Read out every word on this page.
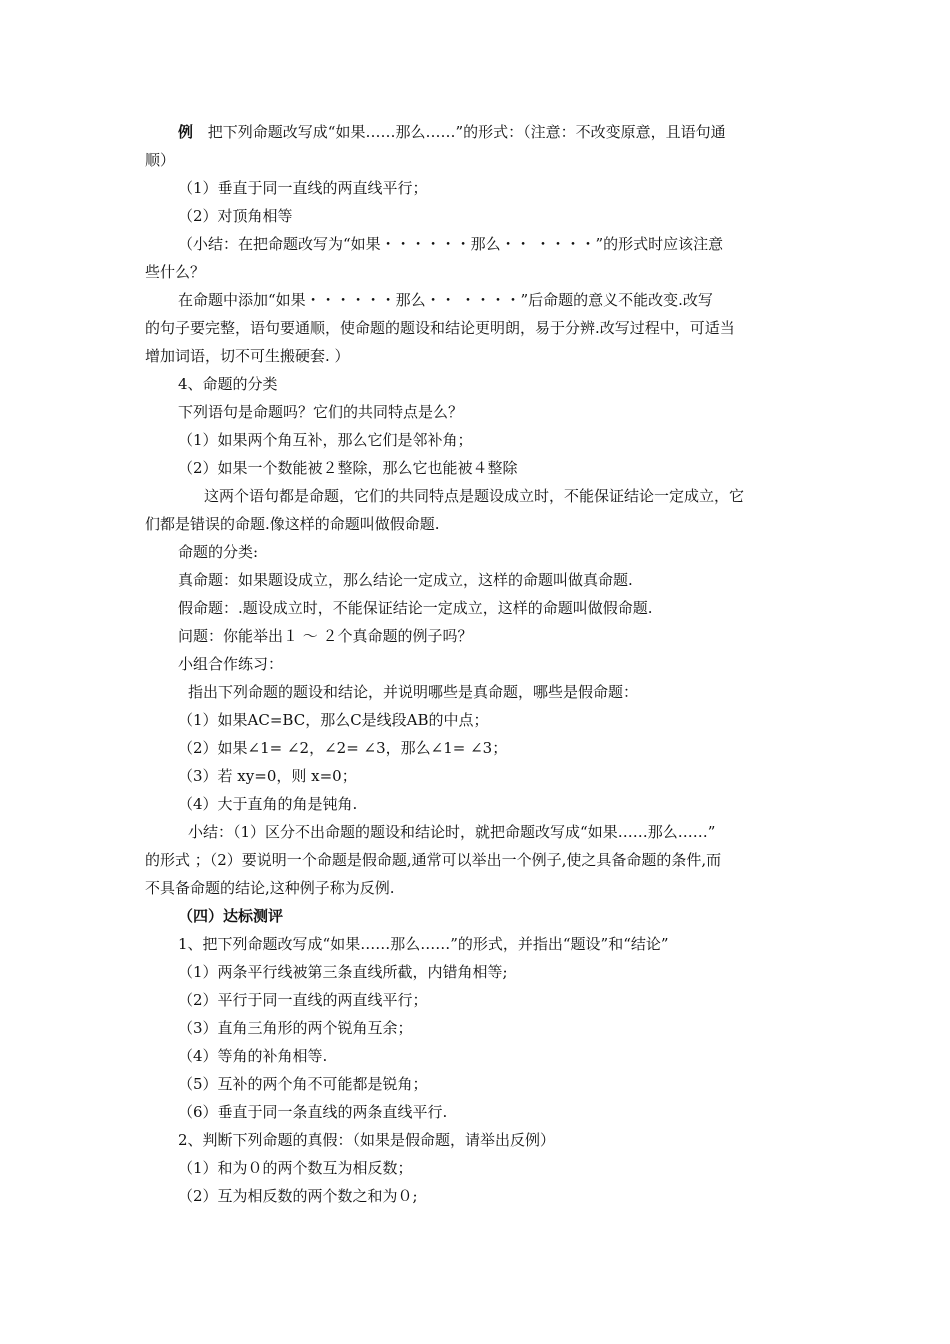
例 把下列命题改写成“如果……那么……”的形式：（注意：不改变原意，且语句通
顺）
（1）垂直于同一直线的两直线平行；
（2）对顶角相等
（小结：在把命题改写为“如果・・・・・・那么・・ ・・・・”的形式时应该注意
些什么？
在命题中添加“如果・・・・・・那么・・ ・・・・”后命题的意义不能改变.改写
的句子要完整，语句要通顺，使命题的题设和结论更明朗，易于分辨.改写过程中，可适当
增加词语，切不可生搬硬套. ）
4、命题的分类
下列语句是命题吗？它们的共同特点是么？
（1）如果两个角互补，那么它们是邻补角；
（2）如果一个数能被２整除，那么它也能被４整除
这两个语句都是命题，它们的共同特点是题设成立时，不能保证结论一定成立，它
们都是错误的命题.像这样的命题叫做假命题.
命题的分类:
真命题：如果题设成立，那么结论一定成立，这样的命题叫做真命题.
假命题：.题设成立时，不能保证结论一定成立，这样的命题叫做假命题.
问题：你能举出１ ～ ２个真命题的例子吗？
小组合作练习：
指出下列命题的题设和结论，并说明哪些是真命题，哪些是假命题：
（1）如果AC=BC，那么C是线段AB的中点；
（2）如果∠1= ∠2，∠2= ∠3，那么∠1= ∠3；
（3）若 xy=0，则 x=0；
（4）大于直角的角是钝角.
小结：（1）区分不出命题的题设和结论时，就把命题改写成“如果……那么……”
的形式 ；（2）要说明一个命题是假命题,通常可以举出一个例子,使之具备命题的条件,而
不具备命题的结论,这种例子称为反例.
（四）达标测评
1、把下列命题改写成“如果……那么……”的形式，并指出“题设”和“结论”
（1）两条平行线被第三条直线所截，内错角相等;
（2）平行于同一直线的两直线平行；
（3）直角三角形的两个锐角互余；
（4）等角的补角相等.
（5）互补的两个角不可能都是锐角；
（6）垂直于同一条直线的两条直线平行.
2、判断下列命题的真假：（如果是假命题，请举出反例）
（1）和为０的两个数互为相反数；
（2）互为相反数的两个数之和为０;
